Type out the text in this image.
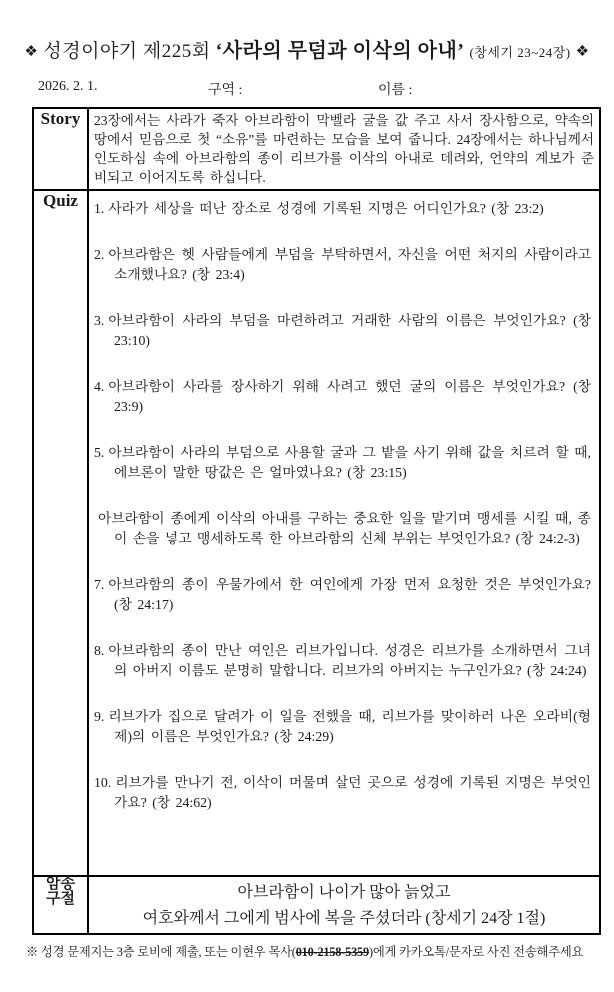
❖ 성경이야기 제225회 ‘사라의 무덤과 이삭의 아내’ (창세기 23~24장) ❖
2026. 2. 1.	구역 :	이름 :
Story	23장에서는 사라가 죽자 아브라함이 막벨라 굴을 값 주고 사서 장사함으로, 약속의 땅에서 믿음으로 첫 “소유”를 마련하는 모습을 보여 줍니다. 24장에서는 하나님께서 인도하심 속에 아브라함의 종이 리브가를 이삭의 아내로 데려와, 언약의 계보가 준비되고 이어지도록 하십니다.

Quiz	1. 사라가 세상을 떠난 장소로 성경에 기록된 지명은 어디인가요? (창 23:2)
2. 아브라함은 헷 사람들에게 부덤을 부탁하면서, 자신을 어떤 처지의 사람이라고 소개했나요? (창 23:4)
3. 아브라함이 사라의 부덤을 마련하려고 거래한 사람의 이름은 부엇인가요? (창 23:10)
4. 아브라함이 사라를 장사하기 위해 사려고 했던 굴의 이름은 부엇인가요? (창 23:9)
5. 아브라함이 사라의 부덤으로 사용할 굴과 그 밭을 사기 위해 값을 치르려 할 때, 에브론이 말한 땅값은 은 얼마였나요? (창 23:15)
아브라함이 종에게 이삭의 아내를 구하는 중요한 일을 맡기며 맹세를 시킬 때, 종이 손을 넣고 맹세하도록 한 아브라함의 신체 부위는 부엇인가요? (창 24:2-3)
7. 아브라함의 종이 우물가에서 한 여인에게 가장 먼저 요청한 것은 부엇인가요? (창 24:17)
8. 아브라함의 종이 만난 여인은 리브가입니다. 성경은 리브가를 소개하면서 그녀의 아버지 이름도 분명히 말합니다. 리브가의 아버지는 누구인가요? (창 24:24)
9. 리브가가 집으로 달려가 이 일을 전했을 때, 리브가를 맞이하러 나온 오라비(형제)의 이름은 부엇인가요? (창 24:29)
10. 리브가를 만나기 전, 이삭이 머물며 살던 곳으로 성경에 기록된 지명은 부엇인가요? (창 24:62)

암송
구절	아브라함이 나이가 많아 늙었고
여호와께서 그에게 범사에 복을 주셨더라 (창세기 24장 1절)
※ 성경 문제지는 3층 로비에 제출, 또는 이현우 목사(010-2158-5359)에게 카카오톡/문자로 사진 전송해주세요
